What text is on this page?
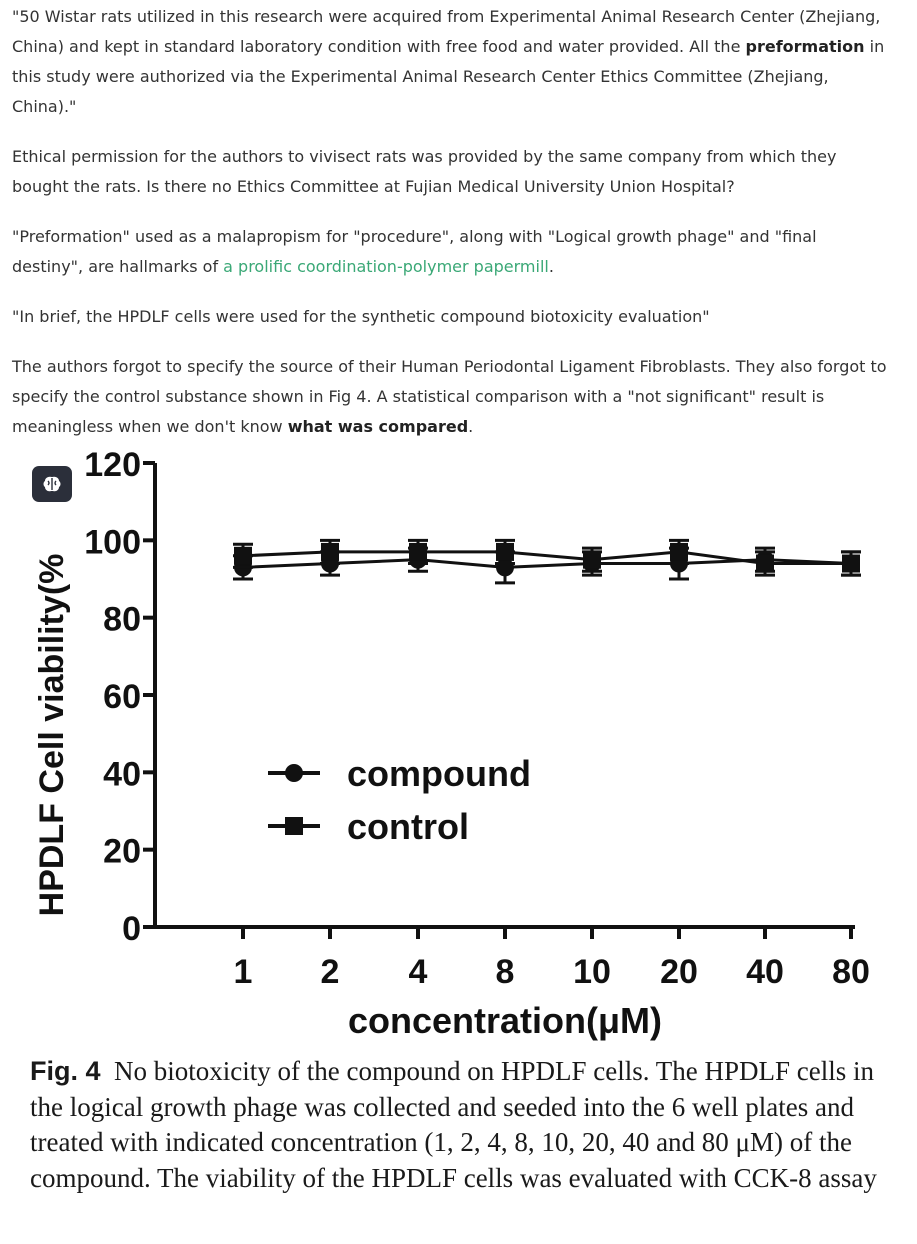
"50 Wistar rats utilized in this research were acquired from Experimental Animal Research Center (Zhejiang, China) and kept in standard laboratory condition with free food and water provided. All the preformation in this study were authorized via the Experimental Animal Research Center Ethics Committee (Zhejiang, China)."

Ethical permission for the authors to vivisect rats was provided by the same company from which they bought the rats. Is there no Ethics Committee at Fujian Medical University Union Hospital?

"Preformation" used as a malapropism for "procedure", along with "Logical growth phage" and "final destiny", are hallmarks of a prolific coordination-polymer papermill.

"In brief, the HPDLF cells were used for the synthetic compound biotoxicity evaluation"

The authors forgot to specify the source of their Human Periodontal Ligament Fibroblasts. They also forgot to specify the control substance shown in Fig 4. A statistical comparison with a "not significant" result is meaningless when we don't know what was compared.

0
20
40
60
80
100
120
1 2 4 8 10 20 40 80
concentration(μM)
HPDLF Cell viability(%	compound
control
Fig. 4 No biotoxicity of the compound on HPDLF cells. The HPDLF cells in the logical growth phage was collected and seeded into the 6 well plates and treated with indicated concentration (1, 2, 4, 8, 10, 20, 40 and 80 μM) of the compound. The viability of the HPDLF cells was evaluated with CCK-8 assay
